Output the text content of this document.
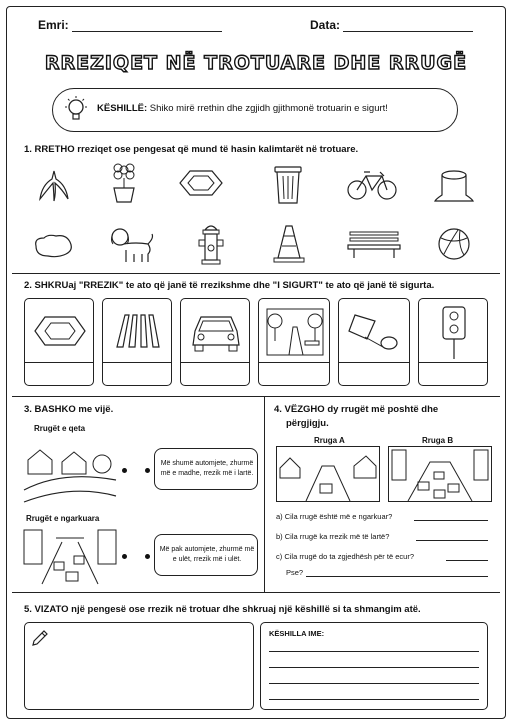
Emri:	Data:
RREZIQET NË TROTUARE DHE RRUGË
KËSHILLË: Shiko mirë rrethin dhe zgjidh gjithmonë trotuarin e sigurt!
1. RRETHO rreziqet ose pengesat që mund të hasin kalimtarët në trotuare.
2. SHKRUaj "RREZIK" te ato që janë të rrezikshme dhe "I SIGURT" te ato që janë të sigurta.
3. BASHKO me vijë.
Rrugët e qeta
Më shumë automjete, zhurmë më e madhe, rrezik më i lartë.
Rrugët e ngarkuara
Më pak automjete, zhurmë më e ulët, rrezik më i ulët.
4. VËZGHO dy rrugët më poshtë dhe
përgjigju.
Rruga A	Rruga B
a) Cila rrugë është më e ngarkuar?
b) Cila rrugë ka rrezik më të lartë?
c) Cila rrugë do ta zgjedhësh për të ecur?
Pse?
5. VIZATO një pengesë ose rrezik në trotuar dhe shkruaj një këshillë si ta shmangim atë.
KËSHILLA IME:
